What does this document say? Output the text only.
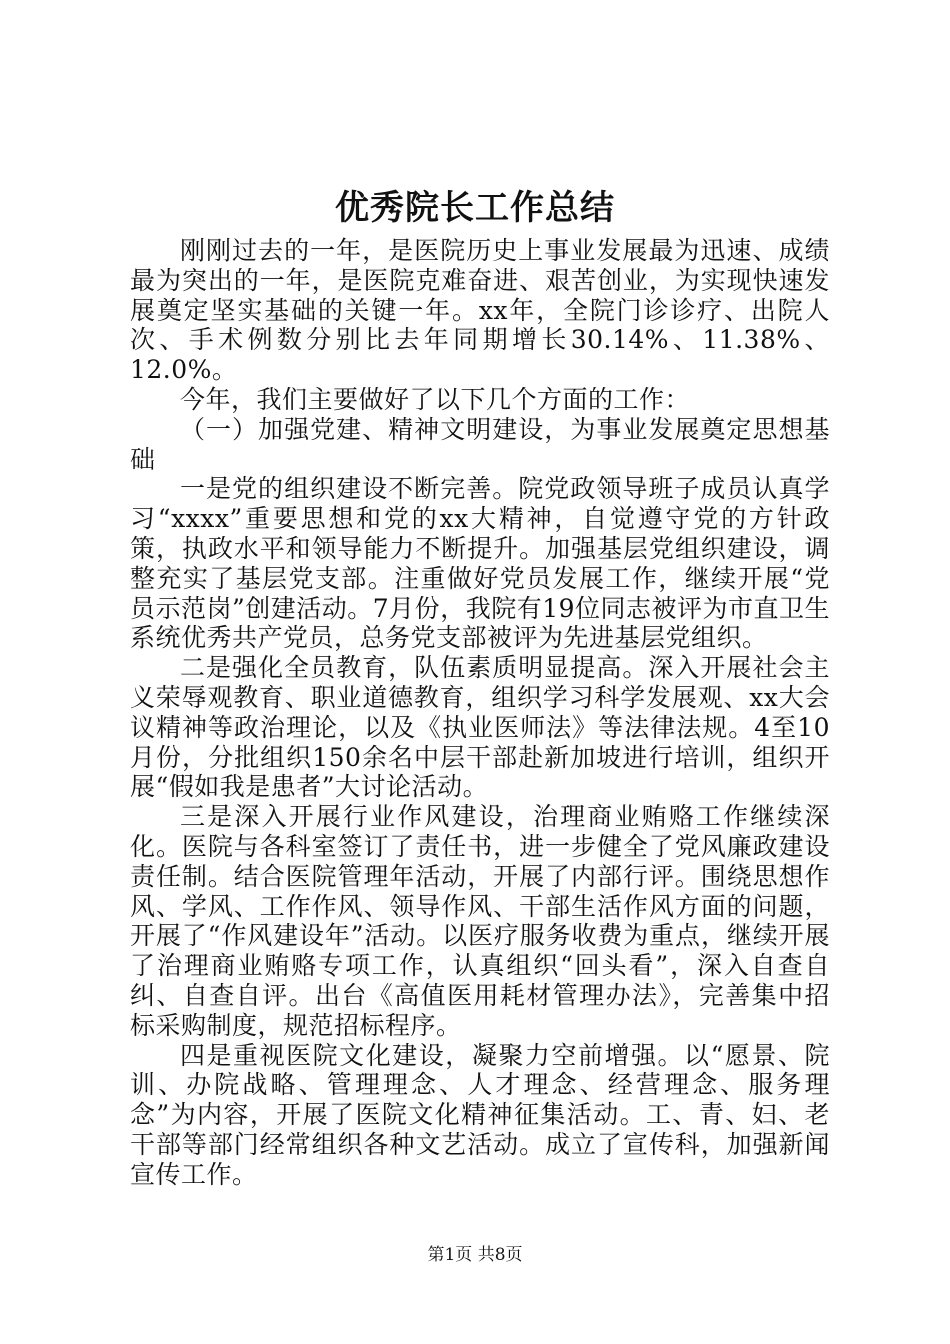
优秀院长工作总结

刚刚过去的一年，是医院历史上事业发展最为迅速、成绩最为突出的一年，是医院克难奋进、艰苦创业，为实现快速发展奠定坚实基础的关键一年。xx年，全院门诊诊疗、出院人次、手术例数分别比去年同期增长30.14%、11.38%、12.0%。

今年，我们主要做好了以下几个方面的工作：

（一）加强党建、精神文明建设，为事业发展奠定思想基础

一是党的组织建设不断完善。院党政领导班子成员认真学习“xxxx”重要思想和党的xx大精神，自觉遵守党的方针政策，执政水平和领导能力不断提升。加强基层党组织建设，调整充实了基层党支部。注重做好党员发展工作，继续开展“党员示范岗”创建活动。7月份，我院有19位同志被评为市直卫生系统优秀共产党员，总务党支部被评为先进基层党组织。

二是强化全员教育，队伍素质明显提高。深入开展社会主义荣辱观教育、职业道德教育，组织学习科学发展观、xx大会议精神等政治理论，以及《执业医师法》等法律法规。4至10月份，分批组织150余名中层干部赴新加坡进行培训，组织开展“假如我是患者”大讨论活动。

三是深入开展行业作风建设，治理商业贿赂工作继续深化。医院与各科室签订了责任书，进一步健全了党风廉政建设责任制。结合医院管理年活动，开展了内部行评。围绕思想作风、学风、工作作风、领导作风、干部生活作风方面的问题，开展了“作风建设年”活动。以医疗服务收费为重点，继续开展了治理商业贿赂专项工作，认真组织“回头看”，深入自查自纠、自查自评。出台《高值医用耗材管理办法》，完善集中招标采购制度，规范招标程序。

四是重视医院文化建设，凝聚力空前增强。以“愿景、院训、办院战略、管理理念、人才理念、经营理念、服务理念”为内容，开展了医院文化精神征集活动。工、青、妇、老干部等部门经常组织各种文艺活动。成立了宣传科，加强新闻宣传工作。

第1页 共8页
